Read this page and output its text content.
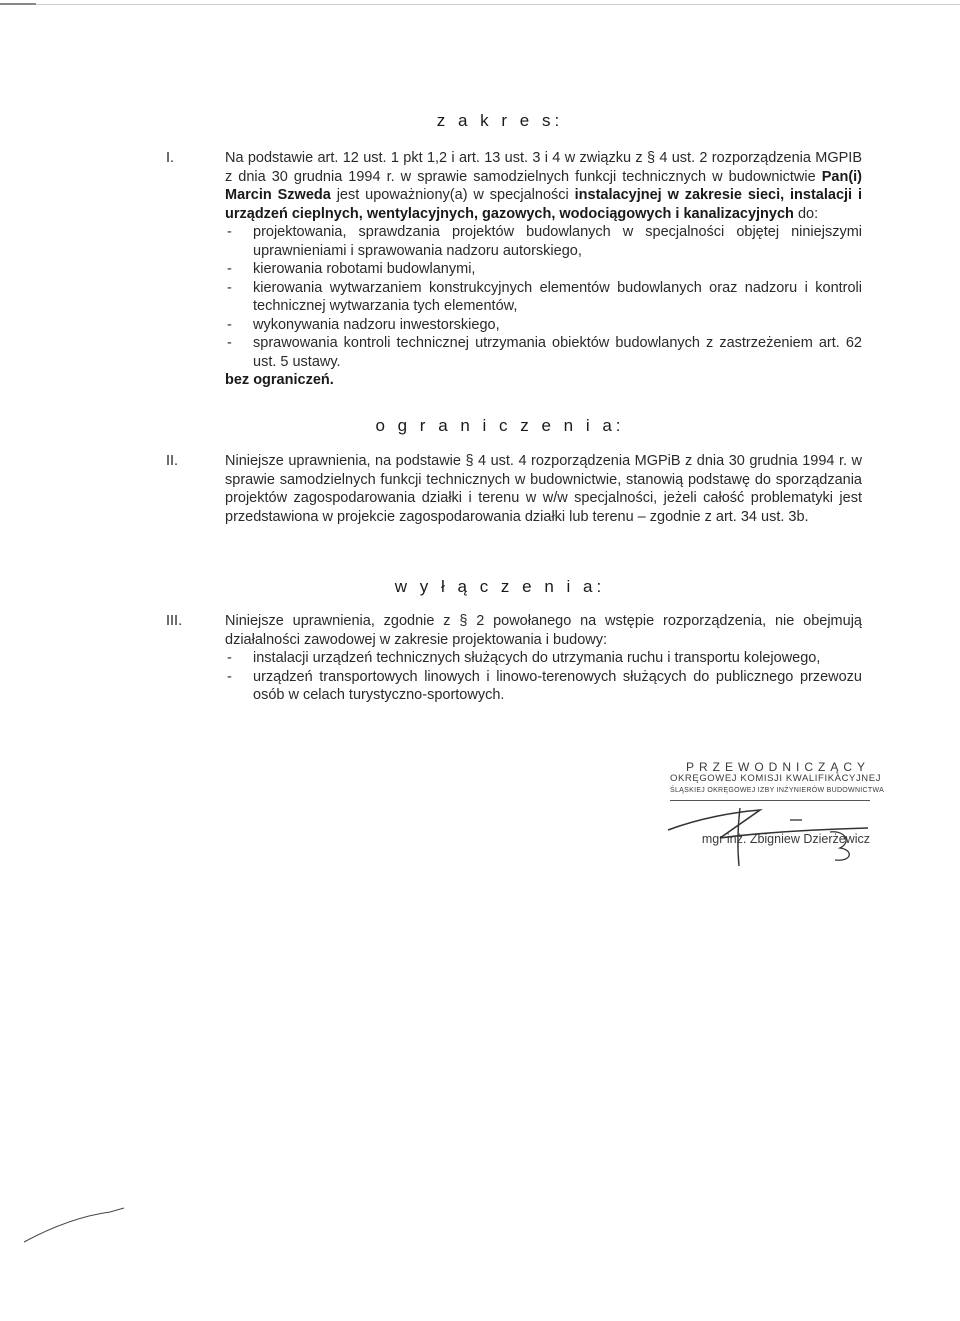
z a k r e s:
I.	Na podstawie art. 12 ust. 1 pkt 1,2 i art. 13 ust. 3 i 4 w związku z § 4 ust. 2 rozporządzenia MGPIB z dnia 30 grudnia 1994 r. w sprawie samodzielnych funkcji technicznych w budownictwie Pan(i) Marcin Szweda jest upoważniony(a) w specjalności instalacyjnej w zakresie sieci, instalacji i urządzeń cieplnych, wentylacyjnych, gazowych, wodociągowych i kanalizacyjnych do:

- projektowania, sprawdzania projektów budowlanych w specjalności objętej niniejszymi uprawnieniami i sprawowania nadzoru autorskiego,
- kierowania robotami budowlanymi,
- kierowania wytwarzaniem konstrukcyjnych elementów budowlanych oraz nadzoru i kontroli technicznej wytwarzania tych elementów,
- wykonywania nadzoru inwestorskiego,
- sprawowania kontroli technicznej utrzymania obiektów budowlanych z zastrzeżeniem art. 62 ust. 5 ustawy.

bez ograniczeń.

o g r a n i c z e n i a:
II.	Niniejsze uprawnienia, na podstawie § 4 ust. 4 rozporządzenia MGPiB z dnia 30 grudnia 1994 r. w sprawie samodzielnych funkcji technicznych w budownictwie, stanowią podstawę do sporządzania projektów zagospodarowania działki i terenu w w/w specjalności, jeżeli całość problematyki jest przedstawiona w projekcie zagospodarowania działki lub terenu – zgodnie z art. 34 ust. 3b.

w y ł ą c z e n i a:
III.	Niniejsze uprawnienia, zgodnie z § 2 powołanego na wstępie rozporządzenia, nie obejmują działalności zawodowej w zakresie projektowania i budowy:

- instalacji urządzeń technicznych służących do utrzymania ruchu i transportu kolejowego,
- urządzeń transportowych linowych i linowo-terenowych służących do publicznego przewozu osób w celach turystyczno-sportowych.
PRZEWODNICZĄCY
OKRĘGOWEJ KOMISJI KWALIFIKACYJNEJ
ŚLĄSKIEJ OKRĘGOWEJ IZBY INŻYNIERÓW BUDOWNICTWA
mgr inż. Zbigniew Dzierżewicz
